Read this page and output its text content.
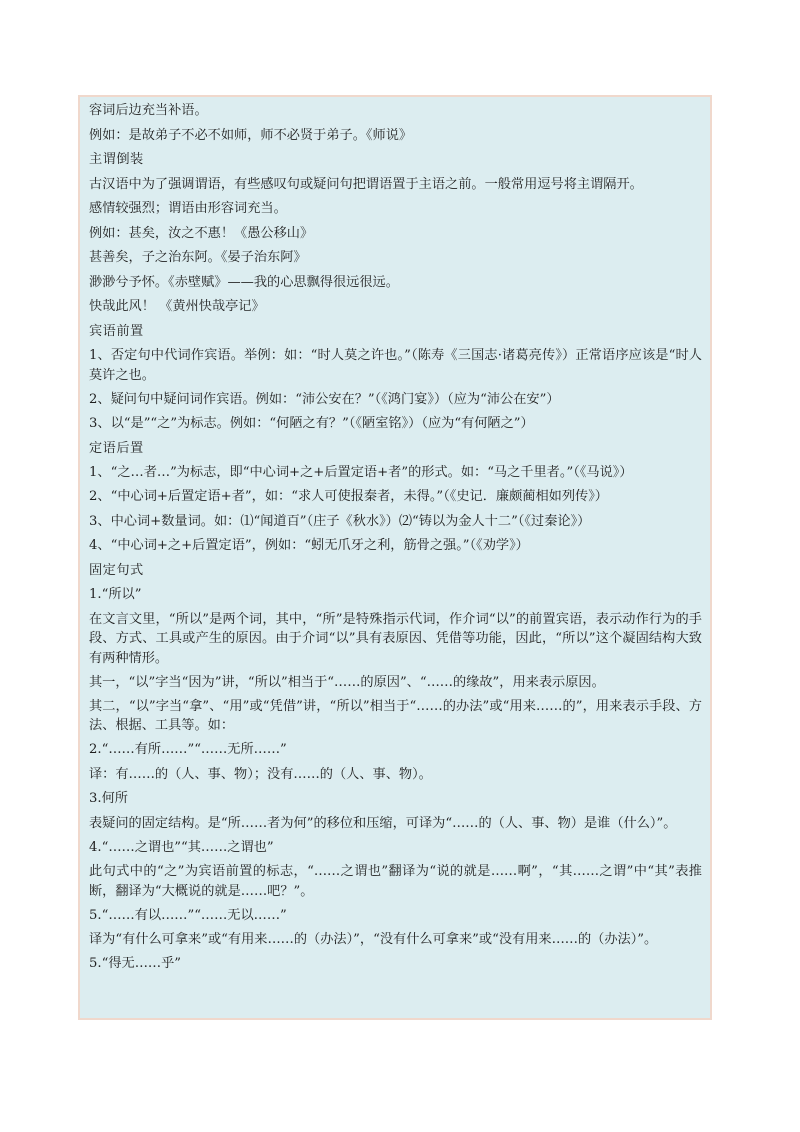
容词后边充当补语。
例如：是故弟子不必不如师，师不必贤于弟子。《师说》
主谓倒装
古汉语中为了强调谓语，有些感叹句或疑问句把谓语置于主语之前。一般常用逗号将主谓隔开。
感情较强烈；谓语由形容词充当。
例如：甚矣，汝之不惠！《愚公移山》
甚善矣，子之治东阿。《晏子治东阿》
渺渺兮予怀。《赤壁赋》——我的心思飘得很远很远。
快哉此风！ 《黄州快哉亭记》
宾语前置
1、否定句中代词作宾语。举例：如：“时人莫之许也。”（陈寿《三国志·诸葛亮传》）正常语序应该是“时人莫许之也。
2、疑问句中疑问词作宾语。例如：“沛公安在？”（《鸿门宴》）（应为“沛公在安”）
3、以“是”“之”为标志。例如：“何陋之有？”（《陋室铭》）（应为“有何陋之”）
定语后置
1、“之…者…”为标志，即“中心词+之+后置定语+者”的形式。如：“马之千里者。”（《马说》）
2、“中心词+后置定语+者”，如：“求人可使报秦者，未得。”（《史记．廉颇蔺相如列传》）
3、中心词+数量词。如：⑴“闻道百”（庄子《秋水》）⑵“铸以为金人十二”（《过秦论》）
4、“中心词+之+后置定语”，例如：“蚓无爪牙之利，筋骨之强。”（《劝学》）
固定句式
1.“所以”
在文言文里，“所以”是两个词，其中，“所”是特殊指示代词，作介词“以”的前置宾语，表示动作行为的手段、方式、工具或产生的原因。由于介词“以”具有表原因、凭借等功能，因此，“所以”这个凝固结构大致有两种情形。
其一，“以”字当“因为”讲，“所以”相当于“……的原因”、“……的缘故”，用来表示原因。
其二，“以”字当“拿”、“用”或“凭借”讲，“所以”相当于“……的办法”或“用来……的”，用来表示手段、方法、根据、工具等。如：
2.“……有所……”“……无所……”
译：有……的（人、事、物）；没有……的（人、事、物）。
3.何所
表疑问的固定结构。是“所……者为何”的移位和压缩，可译为“……的（人、事、物）是谁（什么）”。
4.“……之谓也”“其……之谓也”
此句式中的“之”为宾语前置的标志，“……之谓也”翻译为“说的就是……啊”，“其……之谓”中“其”表推断，翻译为“大概说的就是……吧？”。
5.“……有以……”“……无以……”
译为“有什么可拿来”或“有用来……的（办法）”，“没有什么可拿来”或“没有用来……的（办法）”。
5.“得无……乎”
